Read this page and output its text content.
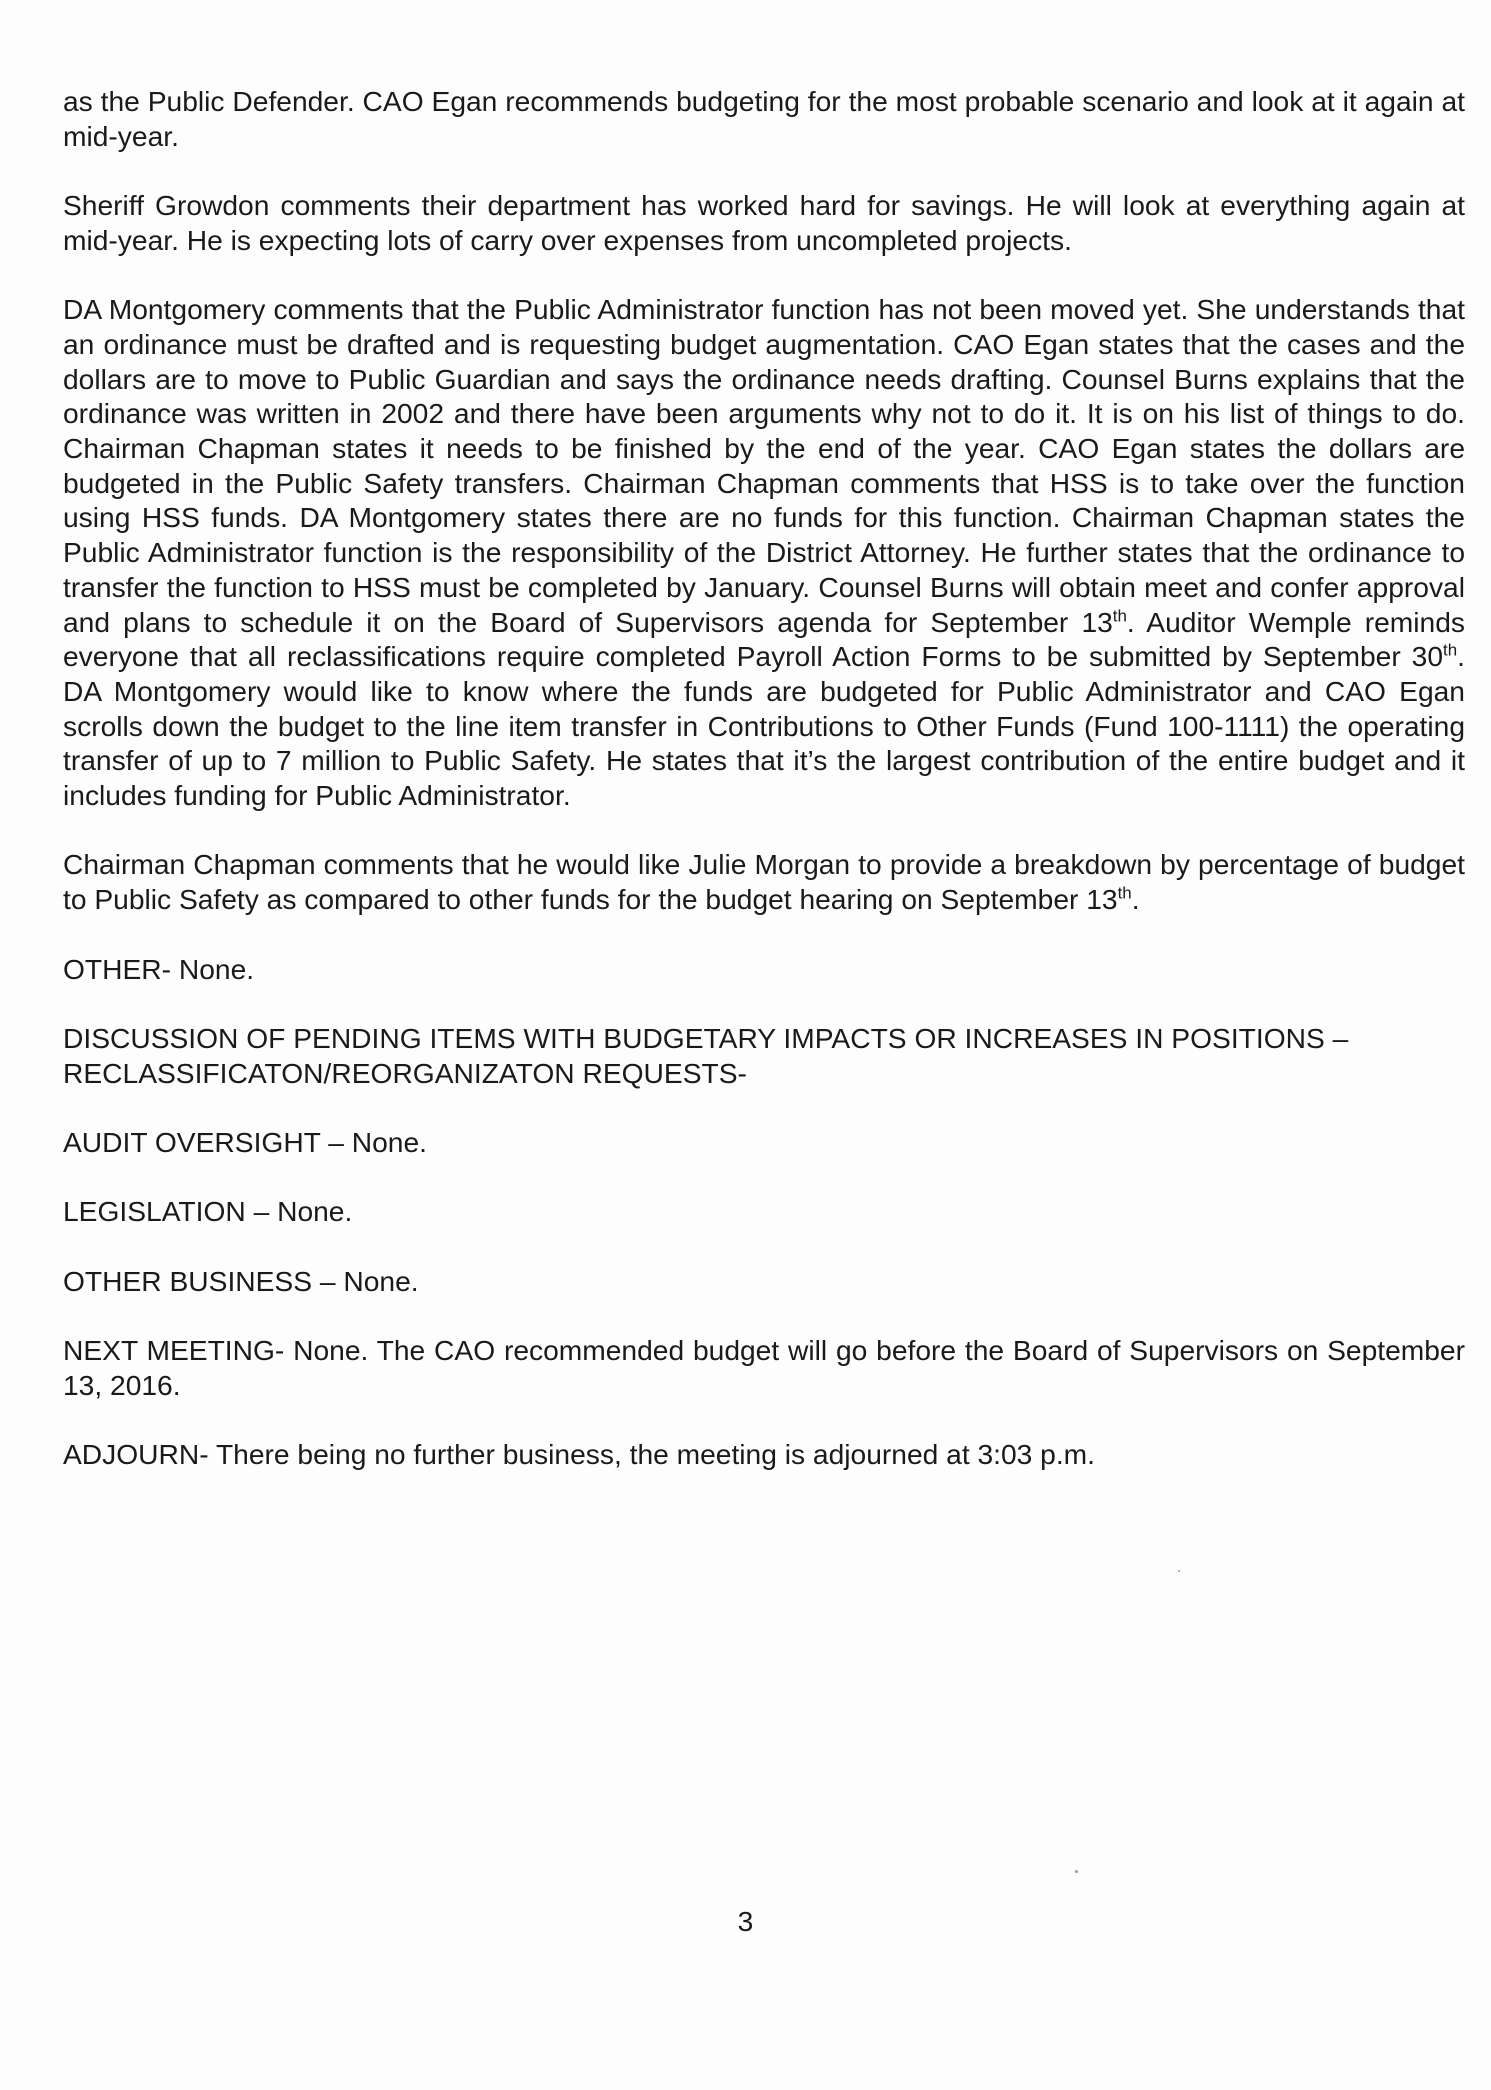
as the Public Defender. CAO Egan recommends budgeting for the most probable scenario and look at it again at mid-year.

Sheriff Growdon comments their department has worked hard for savings. He will look at everything again at mid-year. He is expecting lots of carry over expenses from uncompleted projects.

DA Montgomery comments that the Public Administrator function has not been moved yet. She understands that an ordinance must be drafted and is requesting budget augmentation. CAO Egan states that the cases and the dollars are to move to Public Guardian and says the ordinance needs drafting. Counsel Burns explains that the ordinance was written in 2002 and there have been arguments why not to do it. It is on his list of things to do. Chairman Chapman states it needs to be finished by the end of the year. CAO Egan states the dollars are budgeted in the Public Safety transfers. Chairman Chapman comments that HSS is to take over the function using HSS funds. DA Montgomery states there are no funds for this function. Chairman Chapman states the Public Administrator function is the responsibility of the District Attorney. He further states that the ordinance to transfer the function to HSS must be completed by January. Counsel Burns will obtain meet and confer approval and plans to schedule it on the Board of Supervisors agenda for September 13th. Auditor Wemple reminds everyone that all reclassifications require completed Payroll Action Forms to be submitted by September 30th. DA Montgomery would like to know where the funds are budgeted for Public Administrator and CAO Egan scrolls down the budget to the line item transfer in Contributions to Other Funds (Fund 100-1111) the operating transfer of up to 7 million to Public Safety. He states that it’s the largest contribution of the entire budget and it includes funding for Public Administrator.

Chairman Chapman comments that he would like Julie Morgan to provide a breakdown by percentage of budget to Public Safety as compared to other funds for the budget hearing on September 13th.

OTHER- None.

DISCUSSION OF PENDING ITEMS WITH BUDGETARY IMPACTS OR INCREASES IN POSITIONS – RECLASSIFICATON/REORGANIZATON REQUESTS-

AUDIT OVERSIGHT – None.

LEGISLATION – None.

OTHER BUSINESS – None.

NEXT MEETING- None. The CAO recommended budget will go before the Board of Supervisors on September 13, 2016.

ADJOURN- There being no further business, the meeting is adjourned at 3:03 p.m.

3
